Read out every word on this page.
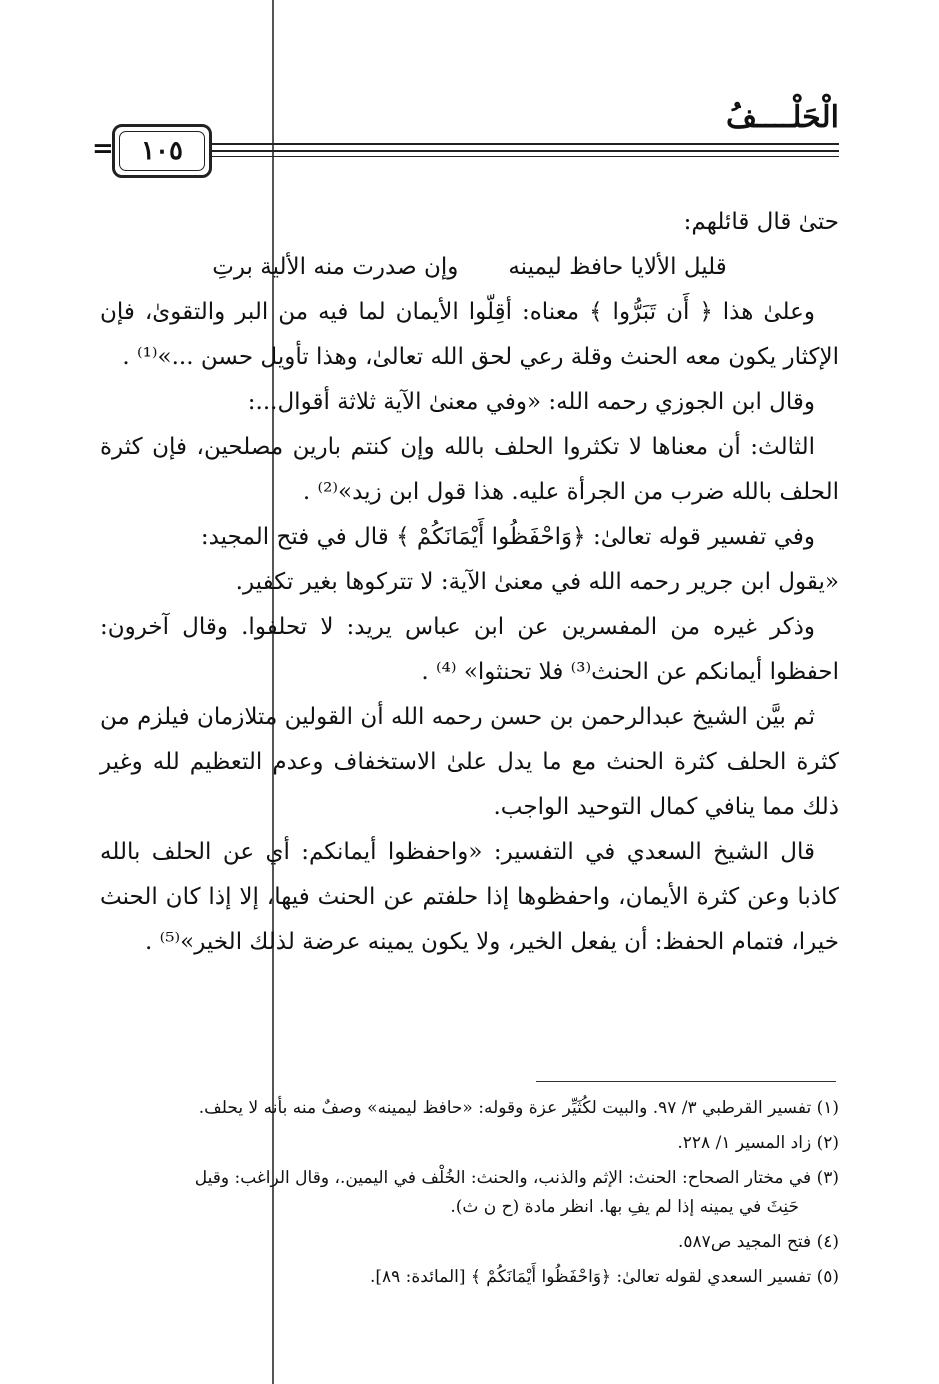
الْحَلْــــفُ
=	١٠٥

حتىٰ قال قائلهم:

قليل الألايا حافظ ليمينه
وإن صدرت منه الألية برتِ

وعلىٰ هذا ﴿ أَن تَبَرُّوا ﴾ معناه: أقِلّوا الأيمان لما فيه من البر والتقوىٰ، فإن الإكثار يكون معه الحنث وقلة رعي لحق الله تعالىٰ، وهذا تأويل حسن ...»⁽¹⁾ .

وقال ابن الجوزي رحمه الله: «وفي معنىٰ الآية ثلاثة أقوال...:

الثالث: أن معناها لا تكثروا الحلف بالله وإن كنتم بارين مصلحين، فإن كثرة الحلف بالله ضرب من الجرأة عليه. هذا قول ابن زيد»⁽²⁾ .

وفي تفسير قوله تعالىٰ: ﴿وَاحْفَظُوا أَيْمَانَكُمْ ﴾ قال في فتح المجيد:

«يقول ابن جرير رحمه الله في معنىٰ الآية: لا تتركوها بغير تكفير.

وذكر غيره من المفسرين عن ابن عباس يريد: لا تحلفوا. وقال آخرون: احفظوا أيمانكم عن الحنث⁽³⁾ فلا تحنثوا» ⁽⁴⁾ .

ثم بيَّن الشيخ عبدالرحمن بن حسن رحمه الله أن القولين متلازمان فيلزم من كثرة الحلف كثرة الحنث مع ما يدل علىٰ الاستخفاف وعدم التعظيم لله وغير ذلك مما ينافي كمال التوحيد الواجب.

قال الشيخ السعدي في التفسير: «واحفظوا أيمانكم: أي عن الحلف بالله كاذبا وعن كثرة الأيمان، واحفظوها إذا حلفتم عن الحنث فيها، إلا إذا كان الحنث خيرا، فتمام الحفظ: أن يفعل الخير، ولا يكون يمينه عرضة لذلك الخير»⁽⁵⁾ .

(١) تفسير القرطبي ٣/ ٩٧. والبيت لكُثَيِّر عزة وقوله: «حافظ ليمينه» وصفٌ منه بأنه لا يحلف.

(٢) زاد المسير ١/ ٢٢٨.

(٣) في مختار الصحاح: الحنث: الإثم والذنب، والحنث: الخُلْف في اليمين.، وقال الراغب: وقيل

حَنِثَ في يمينه إذا لم يفِ بها. انظر مادة (ح ن ث).

(٤) فتح المجيد ص٥٨٧.

(٥) تفسير السعدي لقوله تعالىٰ: ﴿وَاحْفَظُوا أَيْمَانَكُمْ ﴾ [المائدة: ٨٩].
